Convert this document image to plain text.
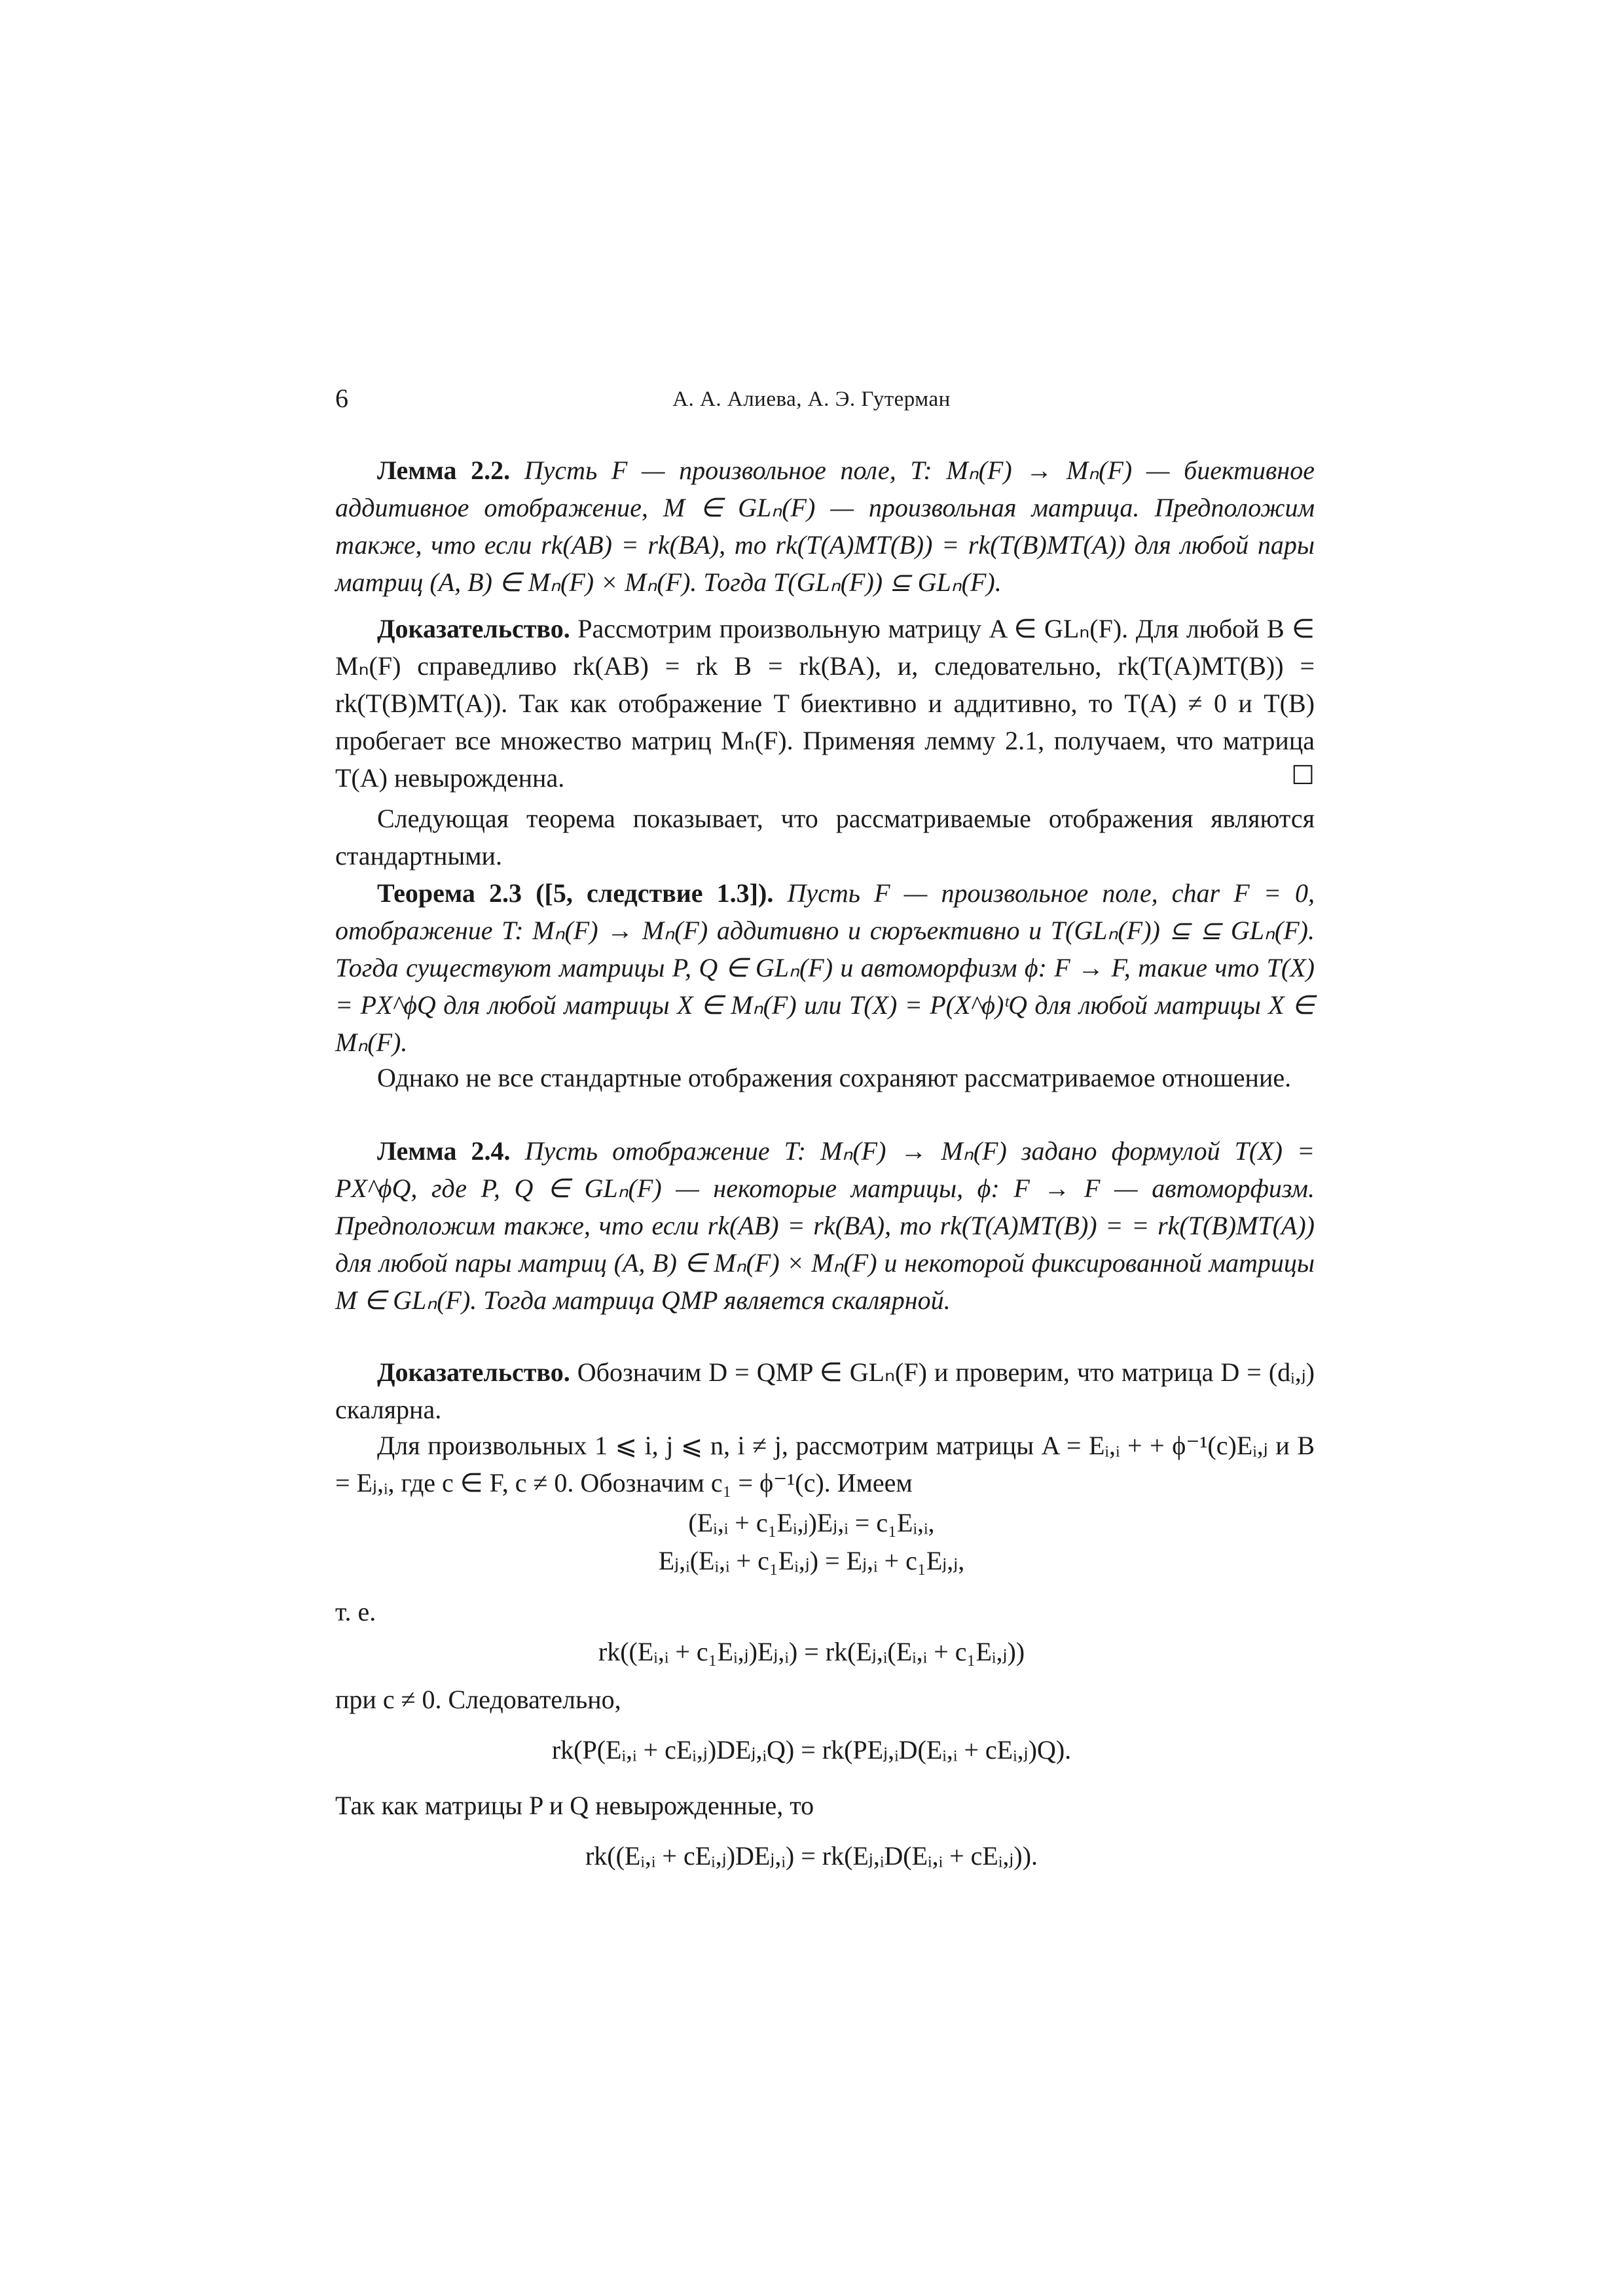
6	А. А. Алиева, А. Э. Гутерман

Лемма 2.2. Пусть F — произвольное поле, T: Mₙ(F) → Mₙ(F) — биективное аддитивное отображение, M ∈ GLₙ(F) — произвольная матрица. Предположим также, что если rk(AB) = rk(BA), то rk(T(A)MT(B)) = rk(T(B)MT(A)) для любой пары матриц (A, B) ∈ Mₙ(F) × Mₙ(F). Тогда T(GLₙ(F)) ⊆ GLₙ(F).

Доказательство. Рассмотрим произвольную матрицу A ∈ GLₙ(F). Для любой B ∈ Mₙ(F) справедливо rk(AB) = rk B = rk(BA), и, следовательно, rk(T(A)MT(B)) = rk(T(B)MT(A)). Так как отображение T биективно и аддитивно, то T(A) ≠ 0 и T(B) пробегает все множество матриц Mₙ(F). Применяя лемму 2.1, получаем, что матрица T(A) невырожденна.	☐

Следующая теорема показывает, что рассматриваемые отображения являются стандартными.

Теорема 2.3 ([5, следствие 1.3]). Пусть F — произвольное поле, char F = 0, отображение T: Mₙ(F) → Mₙ(F) аддитивно и сюръективно и T(GLₙ(F)) ⊆ ⊆ GLₙ(F). Тогда существуют матрицы P, Q ∈ GLₙ(F) и автоморфизм ϕ: F → F, такие что T(X) = PX^ϕQ для любой матрицы X ∈ Mₙ(F) или T(X) = P(X^ϕ)ᵗQ для любой матрицы X ∈ Mₙ(F).

Однако не все стандартные отображения сохраняют рассматриваемое отношение.

Лемма 2.4. Пусть отображение T: Mₙ(F) → Mₙ(F) задано формулой T(X) = PX^ϕQ, где P, Q ∈ GLₙ(F) — некоторые матрицы, ϕ: F → F — автоморфизм. Предположим также, что если rk(AB) = rk(BA), то rk(T(A)MT(B)) = = rk(T(B)MT(A)) для любой пары матриц (A, B) ∈ Mₙ(F) × Mₙ(F) и некоторой фиксированной матрицы M ∈ GLₙ(F). Тогда матрица QMP является скалярной.

Доказательство. Обозначим D = QMP ∈ GLₙ(F) и проверим, что матрица D = (dᵢ,ⱼ) скалярна.

Для произвольных 1 ⩽ i, j ⩽ n, i ≠ j, рассмотрим матрицы A = Eᵢ,ᵢ + + ϕ⁻¹(c)Eᵢ,ⱼ и B = Eⱼ,ᵢ, где c ∈ F, c ≠ 0. Обозначим c₁ = ϕ⁻¹(c). Имеем

(Eᵢ,ᵢ + c₁Eᵢ,ⱼ)Eⱼ,ᵢ = c₁Eᵢ,ᵢ,
Eⱼ,ᵢ(Eᵢ,ᵢ + c₁Eᵢ,ⱼ) = Eⱼ,ᵢ + c₁Eⱼ,ⱼ,

т. е.

rk((Eᵢ,ᵢ + c₁Eᵢ,ⱼ)Eⱼ,ᵢ) = rk(Eⱼ,ᵢ(Eᵢ,ᵢ + c₁Eᵢ,ⱼ))

при c ≠ 0. Следовательно,

rk(P(Eᵢ,ᵢ + cEᵢ,ⱼ)DEⱼ,ᵢQ) = rk(PEⱼ,ᵢD(Eᵢ,ᵢ + cEᵢ,ⱼ)Q).

Так как матрицы P и Q невырожденные, то

rk((Eᵢ,ᵢ + cEᵢ,ⱼ)DEⱼ,ᵢ) = rk(Eⱼ,ᵢD(Eᵢ,ᵢ + cEᵢ,ⱼ)).
